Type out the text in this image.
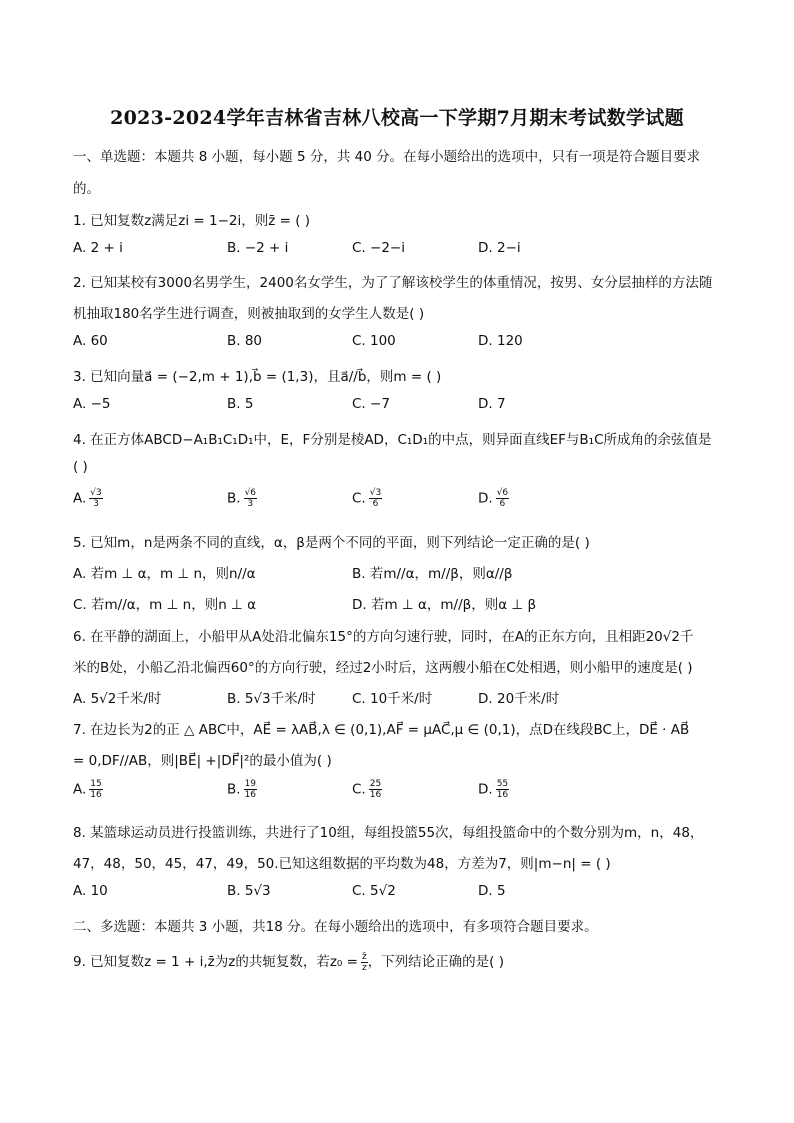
2023-2024学年吉林省吉林八校高一下学期7月期末考试数学试题
一、单选题：本题共 8 小题，每小题 5 分，共 40 分。在每小题给出的选项中，只有一项是符合题目要求
的。
1. 已知复数z满足zi = 1−2i，则z̄ = ( )
A. 2 + i	B. −2 + i	C. −2−i	D. 2−i
2. 已知某校有3000名男学生，2400名女学生，为了了解该校学生的体重情况，按男、女分层抽样的方法随
机抽取180名学生进行调查，则被抽取到的女学生人数是( )
A. 60	B. 80	C. 100	D. 120
3. 已知向量a⃗ = (−2,m + 1),b⃗ = (1,3)，且a⃗//b⃗，则m = ( )
A. −5	B. 5	C. −7	D. 7
4. 在正方体ABCD−A₁B₁C₁D₁中，E，F分别是棱AD，C₁D₁的中点，则异面直线EF与B₁C所成角的余弦值是
( )
A. $\frac{√3}{3}$	B. $\frac{√6}{3}$	C. $\frac{√3}{6}$	D. $\frac{√6}{6}$
5. 已知m，n是两条不同的直线，α，β是两个不同的平面，则下列结论一定正确的是( )
A. 若m ⊥ α，m ⊥ n，则n//α	B. 若m//α，m//β，则α//β
C. 若m//α，m ⊥ n，则n ⊥ α	D. 若m ⊥ α，m//β，则α ⊥ β
6. 在平静的湖面上，小船甲从A处沿北偏东15°的方向匀速行驶，同时，在A的正东方向，且相距20√2千
米的B处，小船乙沿北偏西60°的方向行驶，经过2小时后，这两艘小船在C处相遇，则小船甲的速度是( )
A. 5√2千米/时	B. 5√3千米/时	C. 10千米/时	D. 20千米/时
7. 在边长为2的正 △ ABC中，AE⃗ = λAB⃗,λ ∈ (0,1),AF⃗ = μAC⃗,μ ∈ (0,1)，点D在线段BC上，DE⃗ · AB⃗
= 0,DF//AB，则|BE⃗| +|DF⃗|²的最小值为( )
A. $\frac{15}{16}$	B. $\frac{19}{16}$	C. $\frac{25}{16}$	D. $\frac{55}{16}$
8. 某篮球运动员进行投篮训练，共进行了10组，每组投篮55次，每组投篮命中的个数分别为m，n，48，
47，48，50，45，47，49，50.已知这组数据的平均数为48，方差为7，则|m−n| = ( )
A. 10	B. 5√3	C. 5√2	D. 5
二、多选题：本题共 3 小题，共18 分。在每小题给出的选项中，有多项符合题目要求。
9. 已知复数z = 1 + i,z̄为z的共轭复数，若$z_0 = \frac{z̄}{z}$ ，下列结论正确的是( )
